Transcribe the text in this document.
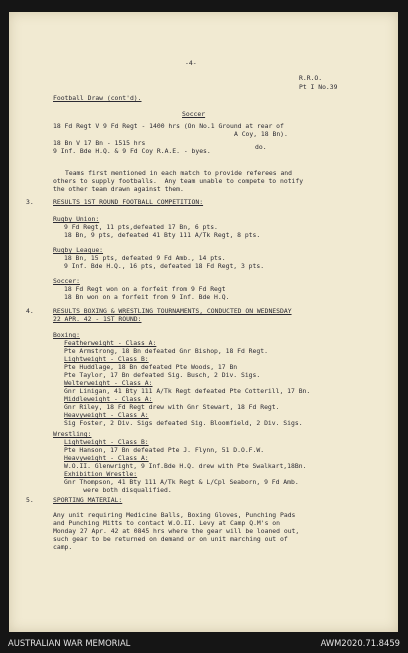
-4-
R.R.O.
Pt I No.39
Football Draw (cont'd).
Soccer
18 Fd Regt V 9 Fd Regt - 1400 hrs (On No.1 Ground at rear of
A Coy, 18 Bn).
18 Bn V 17 Bn - 1515 hrs	do.
9 Inf. Bde H.Q. & 9 Fd Coy R.A.E. - byes.
Teams first mentioned in each match to provide referees and
others to supply footballs.  Any team unable to compete to notify
the other team drawn against them.
3.	RESULTS 1ST ROUND FOOTBALL COMPETITION:
Rugby Union:
9 Fd Regt, 11 pts,defeated 17 Bn, 6 pts.
18 Bn, 9 pts, defeated 41 Bty 111 A/Tk Regt, 8 pts.
Rugby League:
18 Bn, 15 pts, defeated 9 Fd Amb., 14 pts.
9 Inf. Bde H.Q., 16 pts, defeated 18 Fd Regt, 3 pts.
Soccer:
18 Fd Regt won on a forfeit from 9 Fd Regt
18 Bn won on a forfeit from 9 Inf. Bde H.Q.
4.	RESULTS BOXING & WRESTLING TOURNAMENTS, CONDUCTED ON WEDNESDAY
22 APR. 42 - 1ST ROUND:
Boxing:
Featherweight - Class A:
Pte Armstrong, 18 Bn defeated Gnr Bishop, 18 Fd Regt.
Lightweight - Class B:
Pte Huddlage, 18 Bn defeated Pte Woods, 17 Bn
Pte Taylor, 17 Bn defeated Sig. Busch, 2 Div. Sigs.
Welterweight - Class A:
Gnr Linigan, 41 Bty 111 A/Tk Regt defeated Pte Cotterill, 17 Bn.
Middleweight - Class A:
Gnr Riley, 18 Fd Regt drew with Gnr Stewart, 18 Fd Regt.
Heavyweight - Class A:
Sig Foster, 2 Div. Sigs defeated Sig. Bloomfield, 2 Div. Sigs.
Wrestling:
Lightweight - Class B:
Pte Hanson, 17 Bn defeated Pte J. Flynn, 51 D.O.F.W.
Heavyweight - Class A:
W.O.II. Glenwright, 9 Inf.Bde H.Q. drew with Pte Swalkart,18Bn.
Exhibition Wrestle:
Gnr Thompson, 41 Bty 111 A/Tk Regt & L/Cpl Seaborn, 9 Fd Amb.
were both disqualified.
5.	SPORTING MATERIAL:
Any unit requiring Medicine Balls, Boxing Gloves, Punching Pads
and Punching Mitts to contact W.O.II. Levy at Camp Q.M's on
Monday 27 Apr. 42 at 0845 hrs where the gear will be loaned out,
such gear to be returned on demand or on unit marching out of
camp.
AUSTRALIAN WAR MEMORIAL	AWM2020.71.8459
